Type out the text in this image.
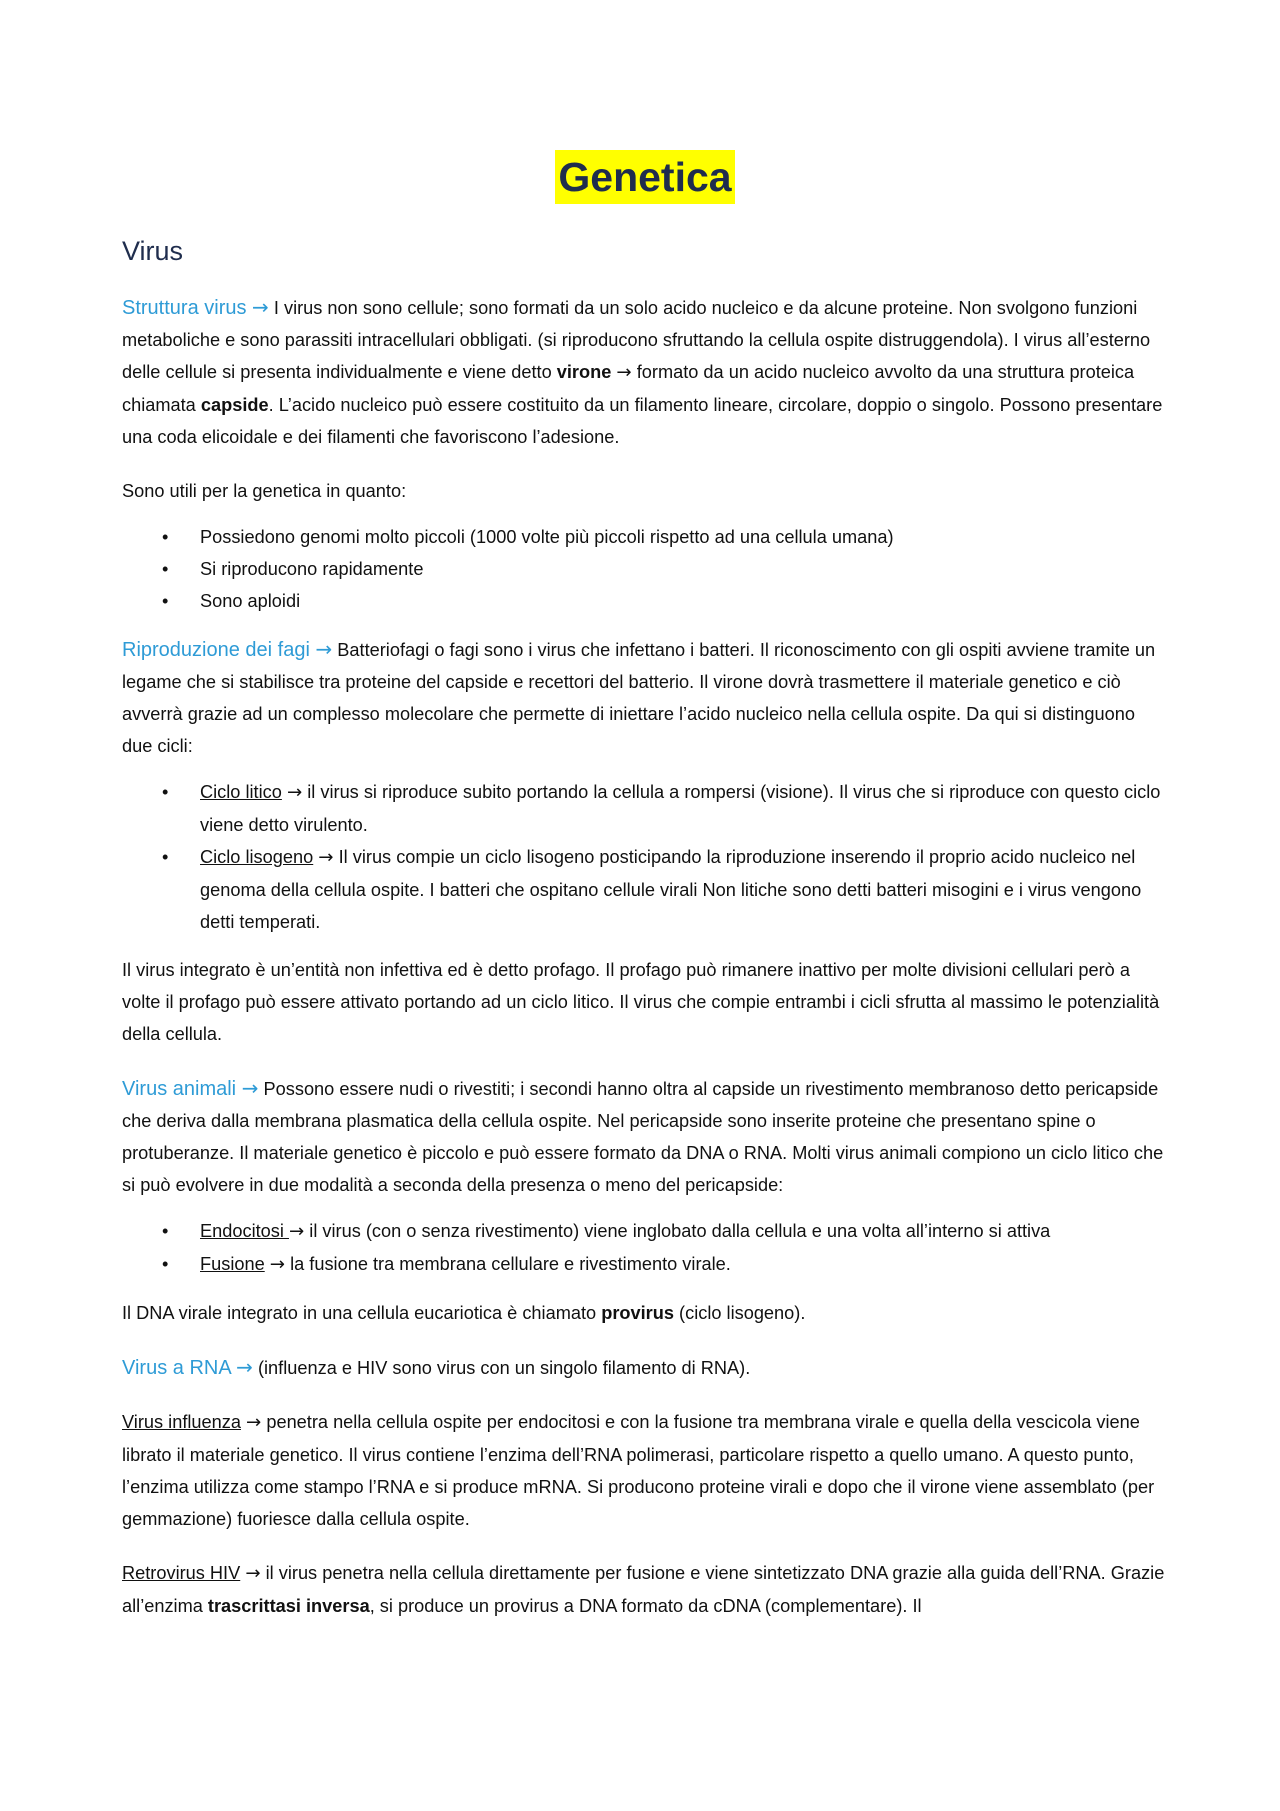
Genetica
Virus

Struttura virus → I virus non sono cellule; sono formati da un solo acido nucleico e da alcune proteine. Non svolgono funzioni metaboliche e sono parassiti intracellulari obbligati. (si riproducono sfruttando la cellula ospite distruggendola). I virus all’esterno delle cellule si presenta individualmente e viene detto virone → formato da un acido nucleico avvolto da una struttura proteica chiamata capside. L’acido nucleico può essere costituito da un filamento lineare, circolare, doppio o singolo. Possono presentare una coda elicoidale e dei filamenti che favoriscono l’adesione.

Sono utili per la genetica in quanto:

• Possiedono genomi molto piccoli (1000 volte più piccoli rispetto ad una cellula umana)
• Si riproducono rapidamente
• Sono aploidi

Riproduzione dei fagi → Batteriofagi o fagi sono i virus che infettano i batteri. Il riconoscimento con gli ospiti avviene tramite un legame che si stabilisce tra proteine del capside e recettori del batterio. Il virone dovrà trasmettere il materiale genetico e ciò avverrà grazie ad un complesso molecolare che permette di iniettare l’acido nucleico nella cellula ospite. Da qui si distinguono due cicli:

• Ciclo litico → il virus si riproduce subito portando la cellula a rompersi (visione). Il virus che si riproduce con questo ciclo viene detto virulento.
• Ciclo lisogeno → Il virus compie un ciclo lisogeno posticipando la riproduzione inserendo il proprio acido nucleico nel genoma della cellula ospite. I batteri che ospitano cellule virali Non litiche sono detti batteri misogini e i virus vengono detti temperati.

Il virus integrato è un’entità non infettiva ed è detto profago. Il profago può rimanere inattivo per molte divisioni cellulari però a volte il profago può essere attivato portando ad un ciclo litico. Il virus che compie entrambi i cicli sfrutta al massimo le potenzialità della cellula.

Virus animali → Possono essere nudi o rivestiti; i secondi hanno oltra al capside un rivestimento membranoso detto pericapside che deriva dalla membrana plasmatica della cellula ospite. Nel pericapside sono inserite proteine che presentano spine o protuberanze. Il materiale genetico è piccolo e può essere formato da DNA o RNA. Molti virus animali compiono un ciclo litico che si può evolvere in due modalità a seconda della presenza o meno del pericapside:

• Endocitosi → il virus (con o senza rivestimento) viene inglobato dalla cellula e una volta all’interno si attiva
• Fusione → la fusione tra membrana cellulare e rivestimento virale.

Il DNA virale integrato in una cellula eucariotica è chiamato provirus (ciclo lisogeno).

Virus a RNA → (influenza e HIV sono virus con un singolo filamento di RNA).

Virus influenza → penetra nella cellula ospite per endocitosi e con la fusione tra membrana virale e quella della vescicola viene librato il materiale genetico. Il virus contiene l’enzima dell’RNA polimerasi, particolare rispetto a quello umano. A questo punto, l’enzima utilizza come stampo l’RNA e si produce mRNA. Si producono proteine virali e dopo che il virone viene assemblato (per gemmazione) fuoriesce dalla cellula ospite.

Retrovirus HIV → il virus penetra nella cellula direttamente per fusione e viene sintetizzato DNA grazie alla guida dell’RNA. Grazie all’enzima trascrittasi inversa, si produce un provirus a DNA formato da cDNA (complementare). Il
